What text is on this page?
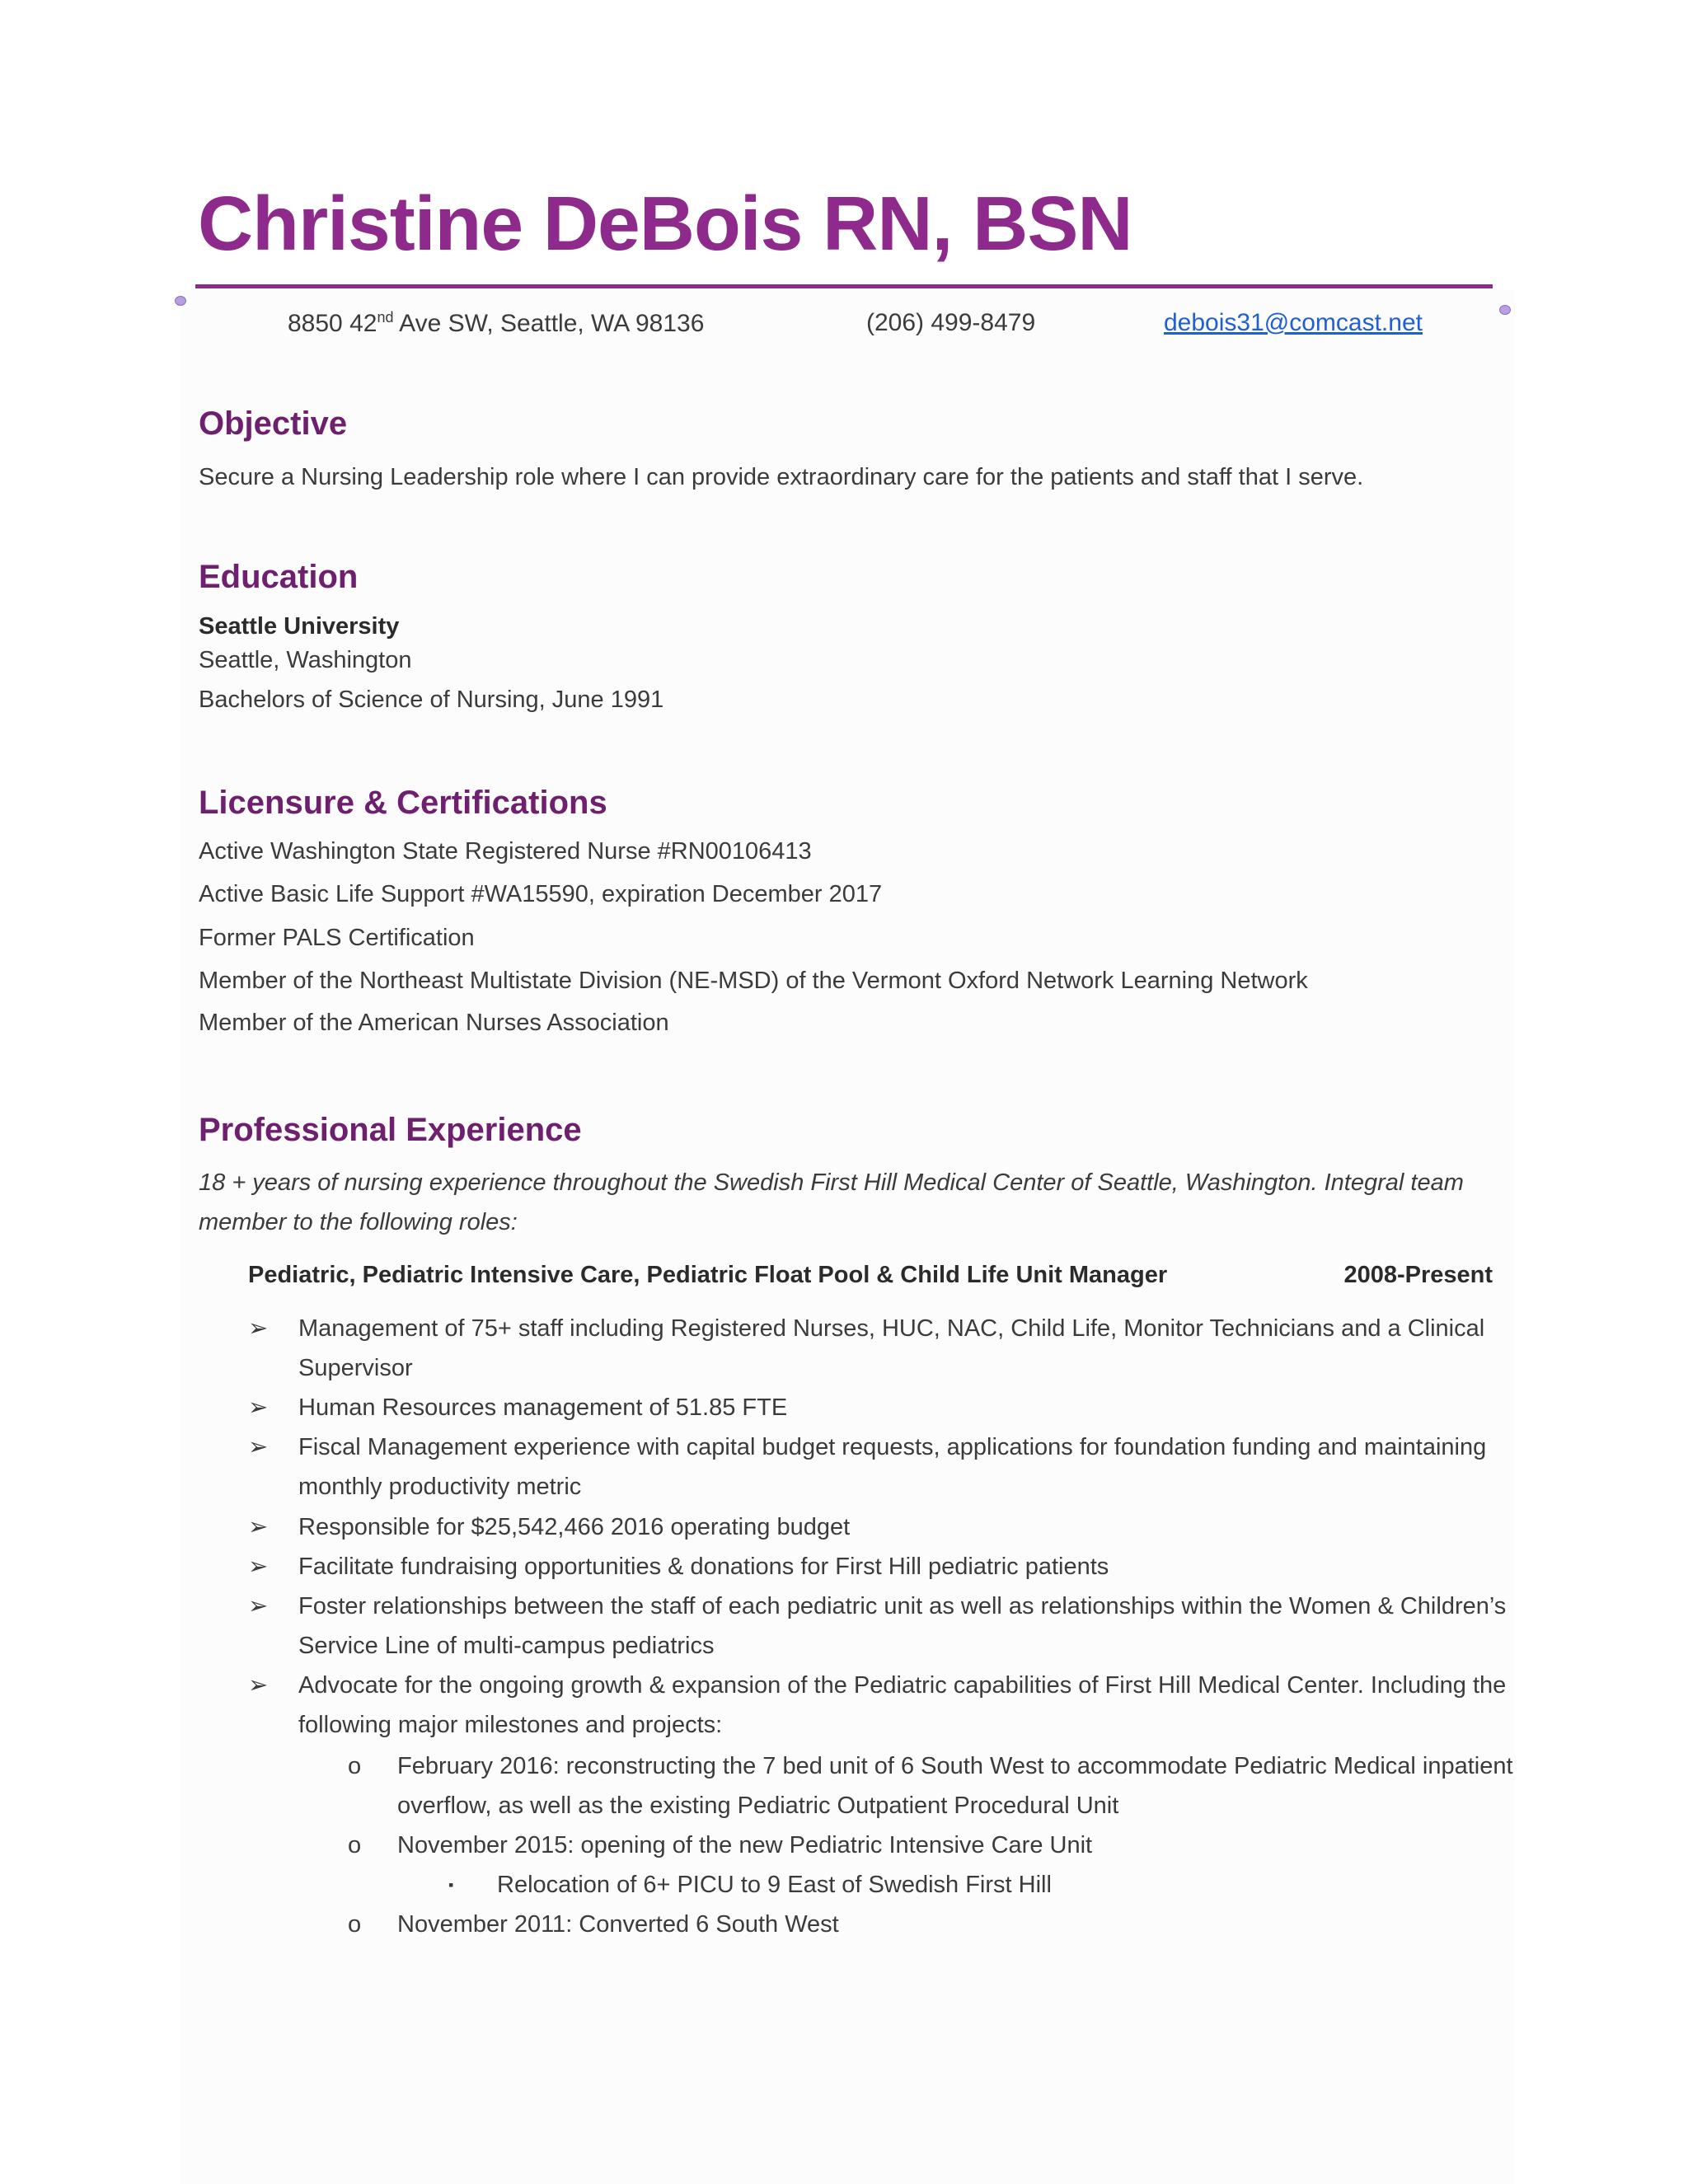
Christine DeBois RN, BSN
8850 42nd Ave SW, Seattle, WA 98136	(206) 499-8479	debois31@comcast.net
Objective
Secure a Nursing Leadership role where I can provide extraordinary care for the patients and staff that I serve.
Education
Seattle University
Seattle, Washington
Bachelors of Science of Nursing, June 1991
Licensure & Certifications
Active Washington State Registered Nurse #RN00106413
Active Basic Life Support #WA15590, expiration December 2017
Former PALS Certification
Member of the Northeast Multistate Division (NE-MSD) of the Vermont Oxford Network Learning Network
Member of the American Nurses Association
Professional Experience
18 + years of nursing experience throughout the Swedish First Hill Medical Center of Seattle, Washington. Integral team
member to the following roles:
Pediatric, Pediatric Intensive Care, Pediatric Float Pool & Child Life Unit Manager	2008-Present
➢ Management of 75+ staff including Registered Nurses, HUC, NAC, Child Life, Monitor Technicians and a Clinical Supervisor
➢ Human Resources management of 51.85 FTE
➢ Fiscal Management experience with capital budget requests, applications for foundation funding and maintaining monthly productivity metric
➢ Responsible for $25,542,466 2016 operating budget
➢ Facilitate fundraising opportunities & donations for First Hill pediatric patients
➢ Foster relationships between the staff of each pediatric unit as well as relationships within the Women & Children’s Service Line of multi-campus pediatrics
➢ Advocate for the ongoing growth & expansion of the Pediatric capabilities of First Hill Medical Center. Including the following major milestones and projects:
o February 2016: reconstructing the 7 bed unit of 6 South West to accommodate Pediatric Medical inpatient overflow, as well as the existing Pediatric Outpatient Procedural Unit
o November 2015: opening of the new Pediatric Intensive Care Unit
▪ Relocation of 6+ PICU to 9 East of Swedish First Hill
o November 2011: Converted 6 South West
